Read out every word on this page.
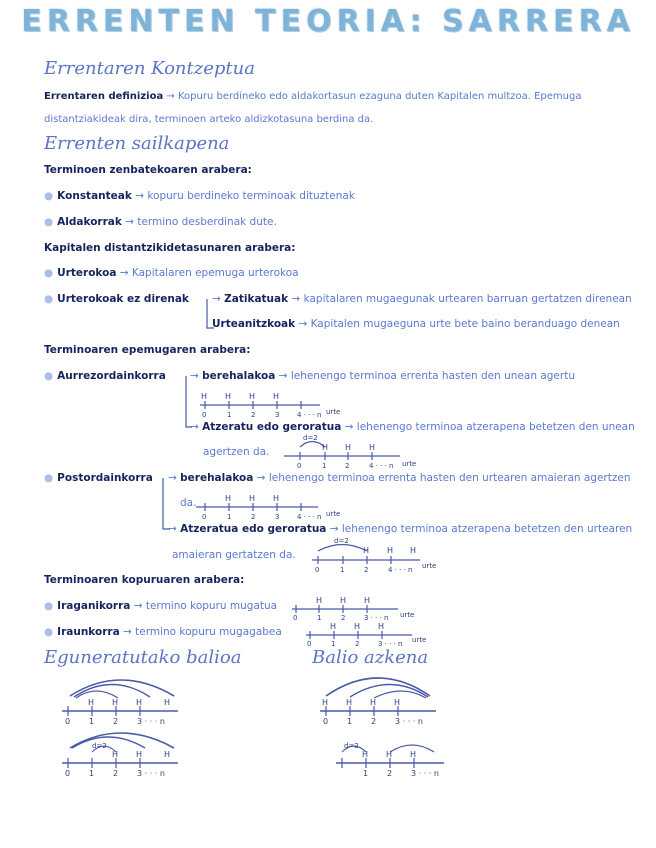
ERRENTEN TEORIA: SARRERA
Errentaren Kontzeptua
Errentaren definizioa → Kopuru berdineko edo aldakortasun ezaguna duten Kapitalen multzoa. Epemuga
distantziakideak dira, terminoen arteko aldizkotasuna berdina da.
Errenten sailkapena
Terminoen zenbatekoaren arabera:
● Konstanteak → kopuru berdineko terminoak dituztenak
● Aldakorrak → termino desberdinak dute.
Kapitalen distantzikidetasunaren arabera:
● Urterokoa → Kapitalaren epemuga urterokoa
● Urterokoak ez direnak → Zatikatuak → kapitalaren mugaegunak urtearen barruan gertatzen direnean
Urteanitzkoak → Kapitalen mugaeguna urte bete baino beranduago denean
Terminoaren epemugaren arabera:
● Aurrezordainkorra → berehalakoa → lehenengo terminoa errenta hasten den unean agertu
→ Atzeratu edo geroratua → lehenengo terminoa atzerapena betetzen den unean
agertzen da.
● Postordainkorra → berehalakoa → lehenengo terminoa errenta hasten den urtearen amaieran agertzen
da.
→ Atzeratua edo geroratua → lehenengo terminoa atzerapena betetzen den urtearen
amaieran gertatzen da.
Terminoaren kopuruaren arabera:
● Iraganikorra → termino kopuru mugatua
● Iraunkorra → termino kopuru mugagabea
Eguneratutako balioa	Balio azkena
H H H H
0	1	2	3	4 · · · n urte
d=2
H H H
0	1	2	4 · · · n urte
H H H
0	1	2	3	4 · · · n urte
d=2
H H H
0	1	2	4 · · · n urte
H H H
0	1	2	3 · · · n urte
H H H
0	1	2	3 · · · n urte
H H H	H
0 1 2 3 · · · n
d=2
H H	H
0 1 2 3 · · · n
H H H H
0 1 2 3 · · · n
d=2
H H H
1 2 3 · · · n
